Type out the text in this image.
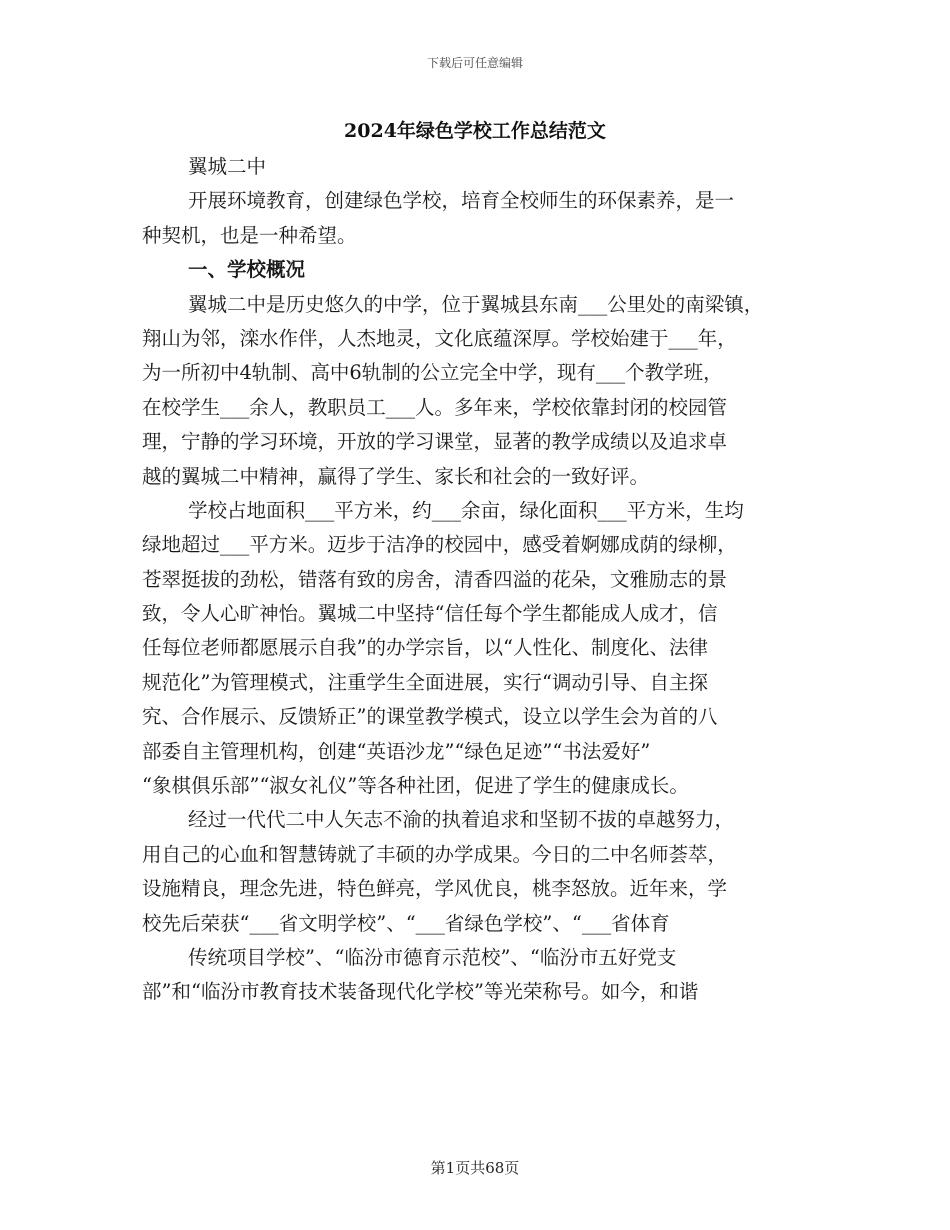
下载后可任意编辑
2024年绿色学校工作总结范文
翼城二中
开展环境教育，创建绿色学校，培育全校师生的环保素养，是一
种契机，也是一种希望。
一、学校概况
翼城二中是历史悠久的中学，位于翼城县东南___公里处的南梁镇，
翔山为邻，滦水作伴，人杰地灵，文化底蕴深厚。学校始建于___年，
为一所初中4轨制、高中6轨制的公立完全中学，现有___个教学班，
在校学生___余人，教职员工___人。多年来，学校依靠封闭的校园管
理，宁静的学习环境，开放的学习课堂，显著的教学成绩以及追求卓
越的翼城二中精神，赢得了学生、家长和社会的一致好评。
学校占地面积___平方米，约___余亩，绿化面积___平方米，生均
绿地超过___平方米。迈步于洁净的校园中，感受着婀娜成荫的绿柳，
苍翠挺拔的劲松，错落有致的房舍，清香四溢的花朵，文雅励志的景
致，令人心旷神怡。翼城二中坚持“信任每个学生都能成人成才，信
任每位老师都愿展示自我”的办学宗旨，以“人性化、制度化、法律
规范化”为管理模式，注重学生全面进展，实行“调动引导、自主探
究、合作展示、反馈矫正”的课堂教学模式，设立以学生会为首的八
部委自主管理机构，创建“英语沙龙”“绿色足迹”“书法爱好”
“象棋俱乐部”“淑女礼仪”等各种社团，促进了学生的健康成长。
经过一代代二中人矢志不渝的执着追求和坚韧不拔的卓越努力，
用自己的心血和智慧铸就了丰硕的办学成果。今日的二中名师荟萃，
设施精良，理念先进，特色鲜亮，学风优良，桃李怒放。近年来，学
校先后荣获“___省文明学校”、“___省绿色学校”、“___省体育
传统项目学校”、“临汾市德育示范校”、“临汾市五好党支
部”和“临汾市教育技术装备现代化学校”等光荣称号。如今，和谐
第1页共68页
